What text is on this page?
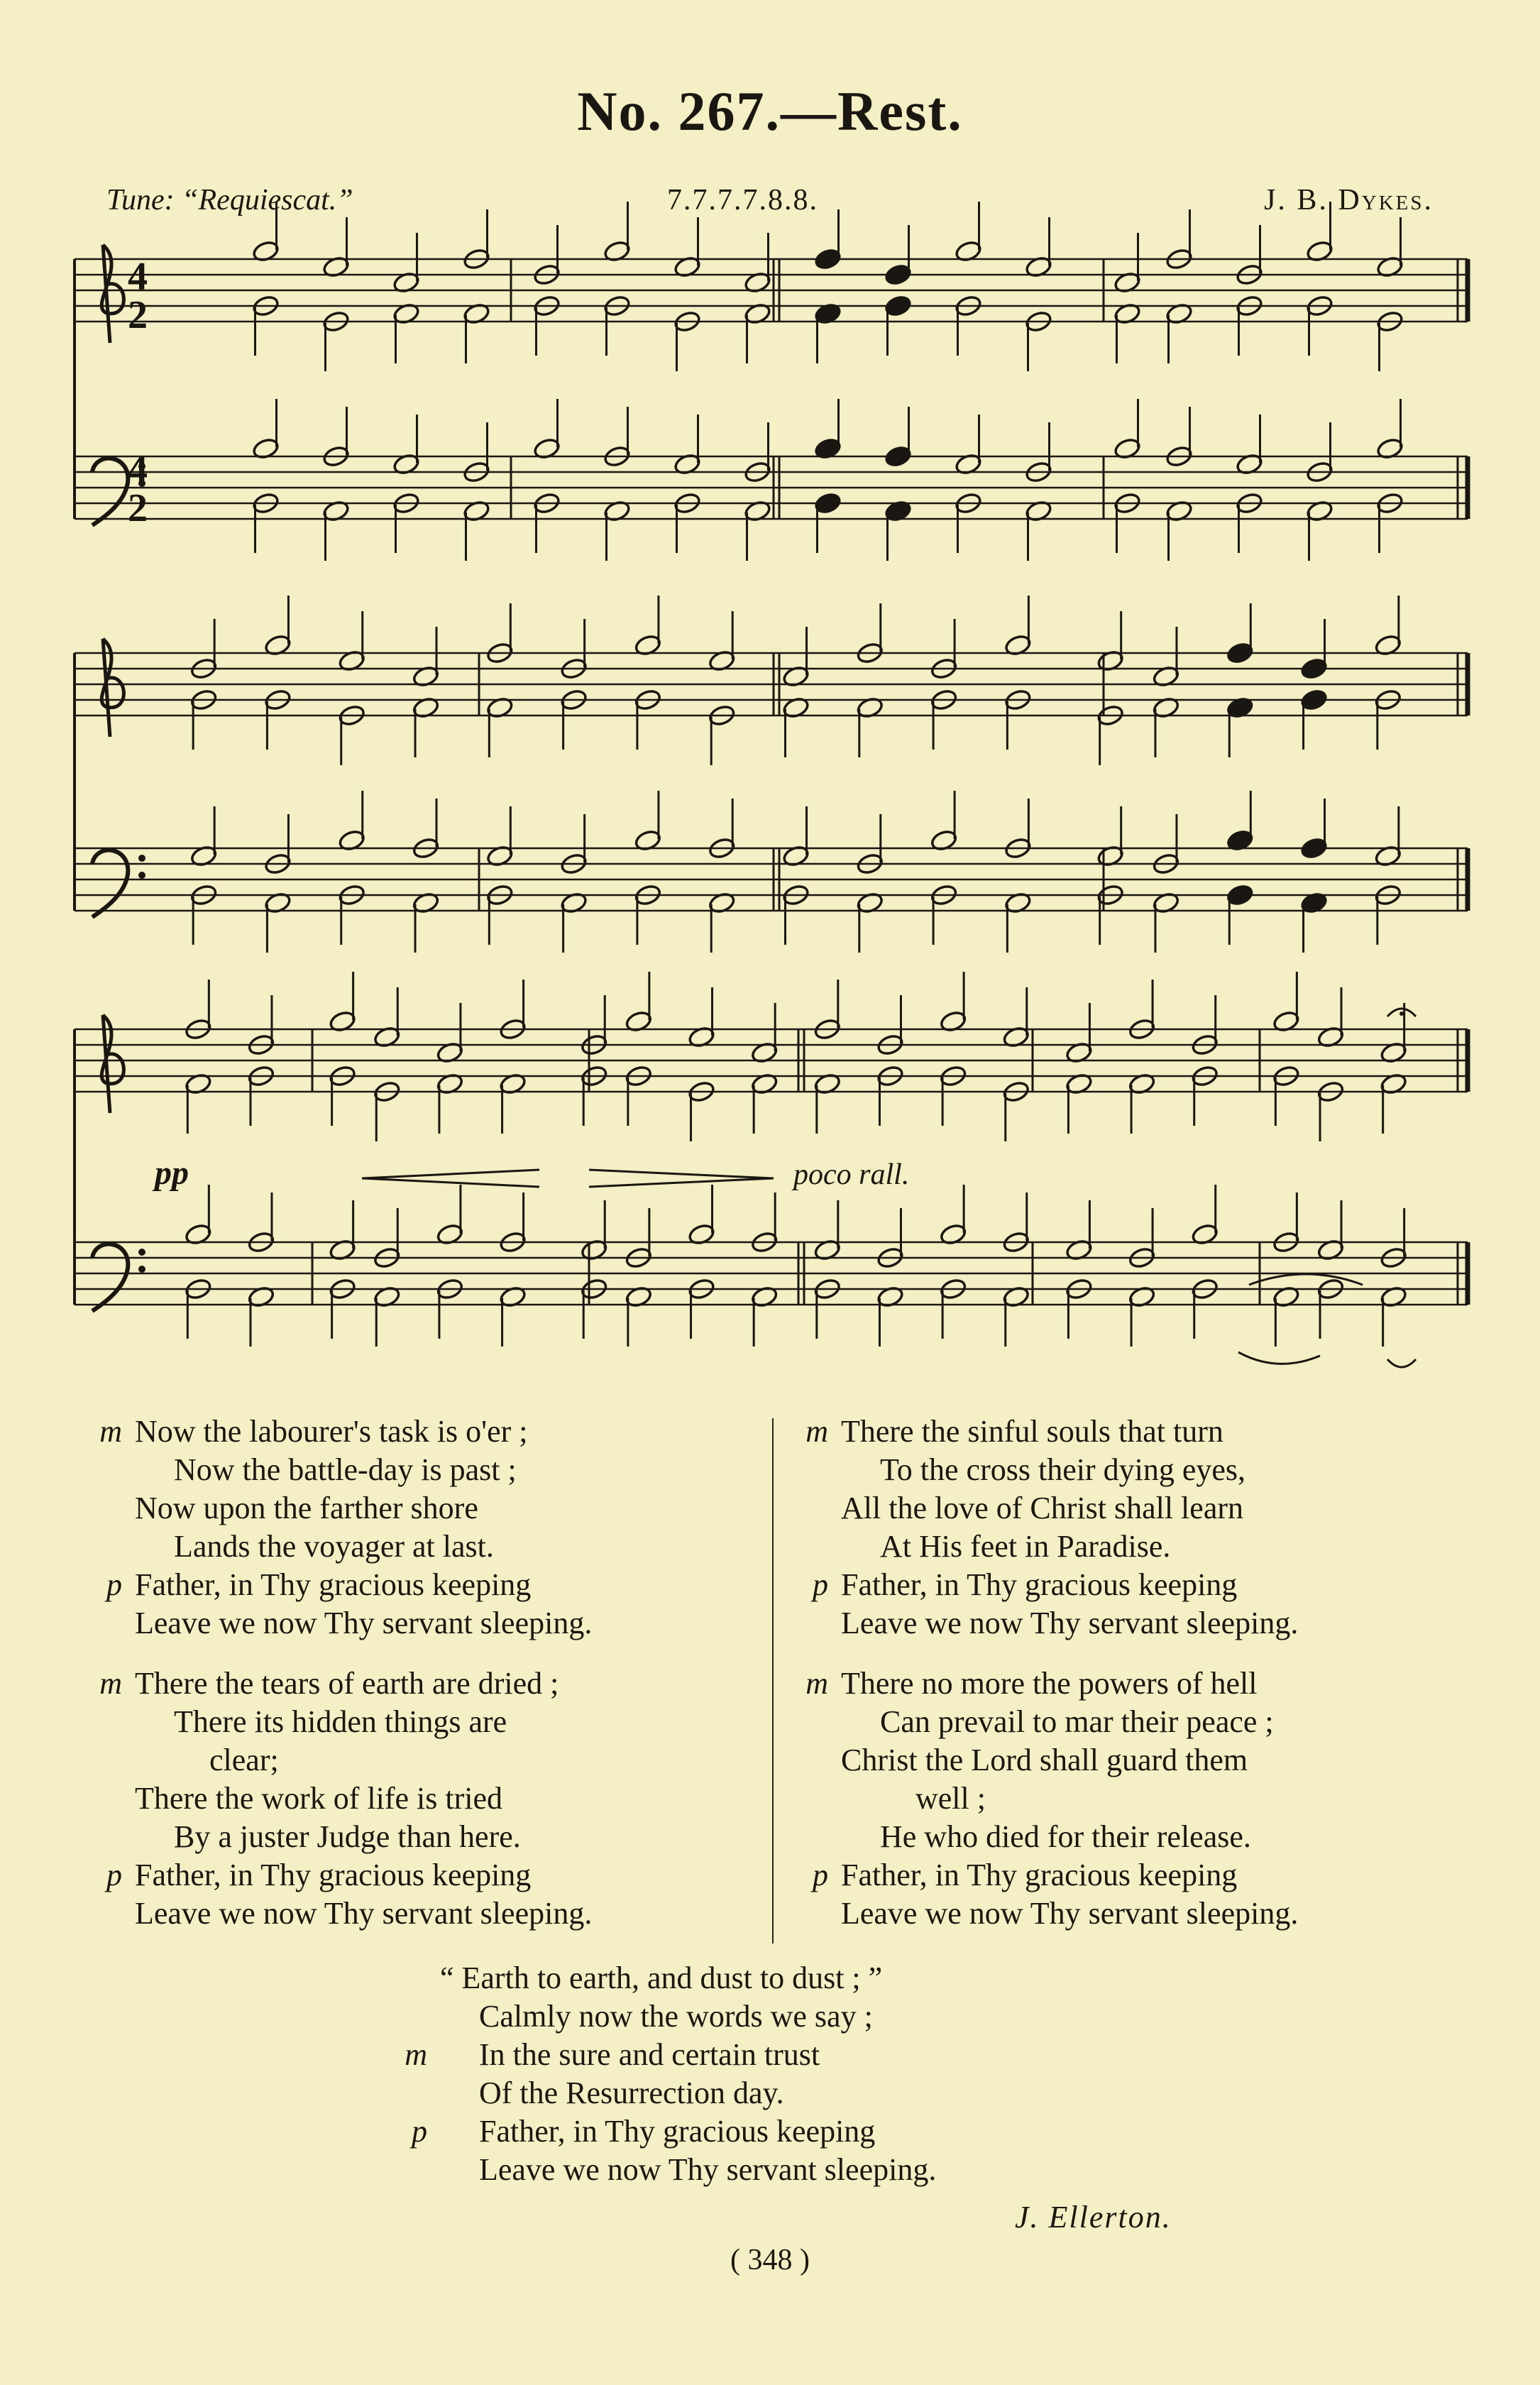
No. 267.—Rest.
Tune: “Requiescat.”	7.7.7.7.8.8.	J. B. Dykes.
pp	poco rall.
4
2
4
2
m Now the labourer's task is o'er ;
Now the battle-day is past ;
Now upon the farther shore
Lands the voyager at last.
p Father, in Thy gracious keeping
Leave we now Thy servant sleeping.
m There the sinful souls that turn
To the cross their dying eyes,
All the love of Christ shall learn
At His feet in Paradise.
p Father, in Thy gracious keeping
Leave we now Thy servant sleeping.
m There the tears of earth are dried ;
There its hidden things are
clear;
There the work of life is tried
By a juster Judge than here.
p Father, in Thy gracious keeping
Leave we now Thy servant sleeping.
m There no more the powers of hell
Can prevail to mar their peace ;
Christ the Lord shall guard them
well ;
He who died for their release.
p Father, in Thy gracious keeping
Leave we now Thy servant sleeping.
“ Earth to earth, and dust to dust ; ”
Calmly now the words we say ;
m In the sure and certain trust
Of the Resurrection day.
p Father, in Thy gracious keeping
Leave we now Thy servant sleeping.
J. Ellerton.
( 348 )
